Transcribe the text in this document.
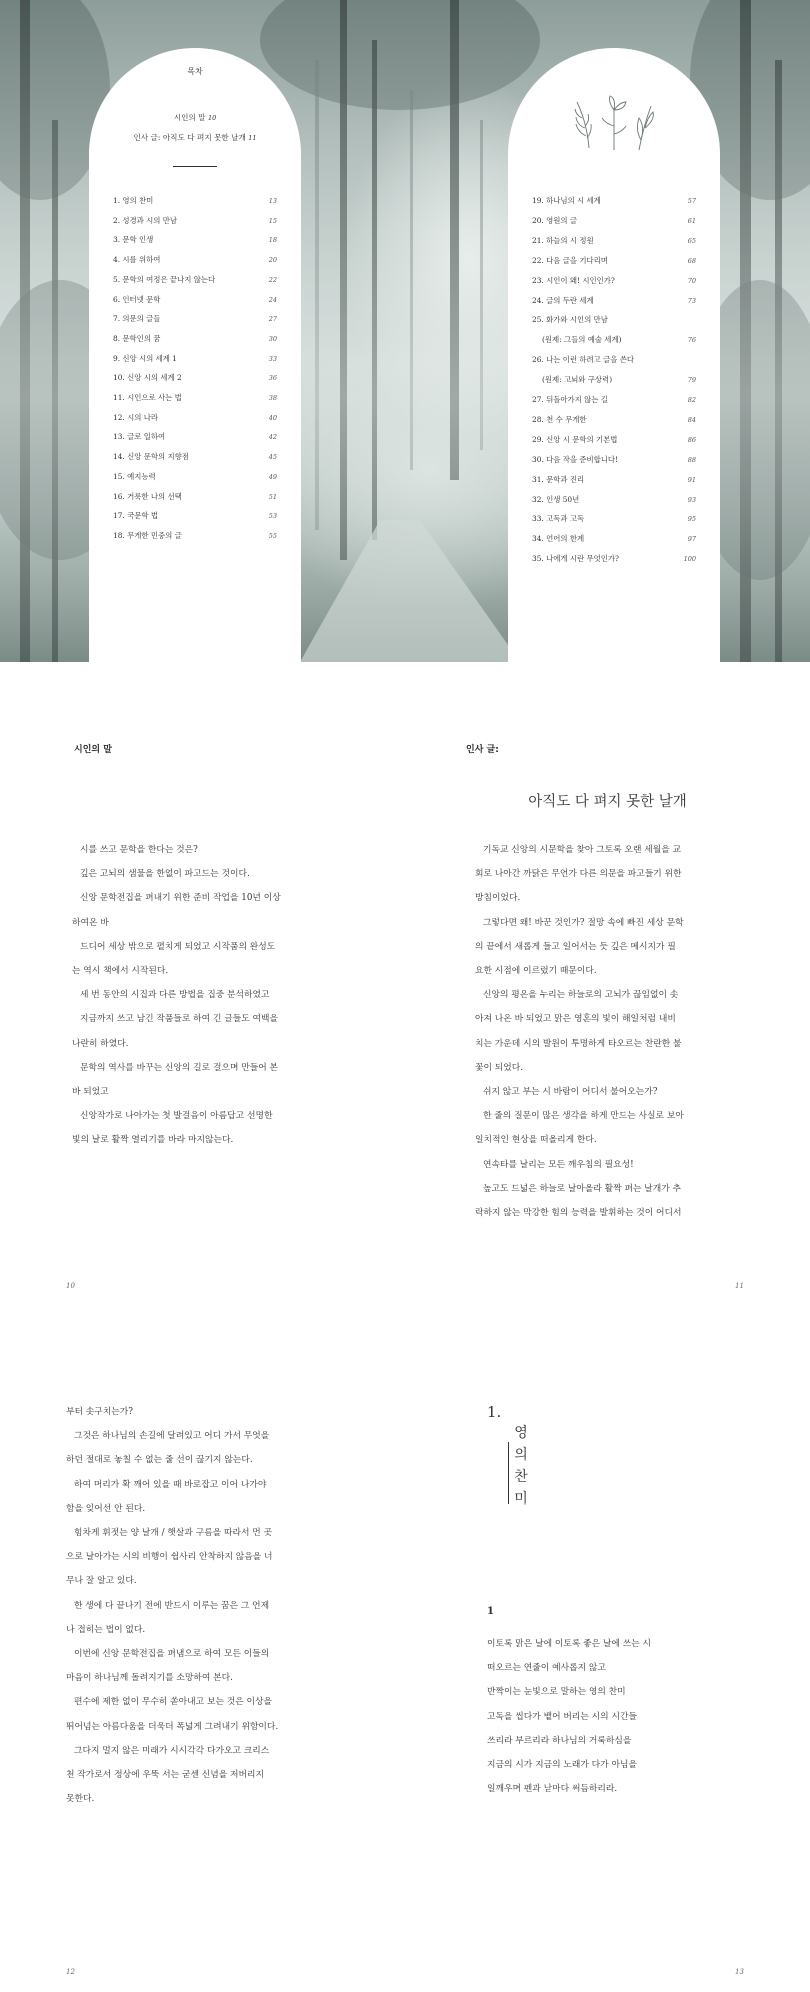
목차
시인의 말 10
인사 글: 아직도 다 펴지 못한 날개 11
1. 영의 찬미	13
2. 성경과 시의 만남	15
3. 문학 인생	18
4. 시를 위하여	20
5. 문학의 여정은 끝나지 않는다	22
6. 인터넷 문학	24
7. 의문의 글들	27
8. 문학인의 꿈	30
9. 신앙 시의 세계 1	33
10. 신앙 시의 세계 2	36
11. 시인으로 사는 법	38
12. 시의 나라	40
13. 글로 일하여	42
14. 신앙 문학의 지향점	45
15. 예지능력	49
16. 거룩한 나의 선택	51
17. 국문학 법	53
18. 무게한 민중의 글	55
19. 하나님의 시 세계	57
20. 영원의 글	61
21. 하늘의 시 정원	65
22. 다음 글을 기다리며	68
23. 시인이 왜! 시인인가?	70
24. 글의 두란 세계	73
25. 화가와 시인의 만남
(원제: 그들의 예술 세계)	76
26. 나는 이런 하려고 글을 쓴다
(원제: 고뇌와 구상력)	79
27. 뒤돌아가지 않는 길	82
28. 천 수 무게한	84
29. 신앙 시 문학의 기본법	86
30. 다음 작을 준비합니다!	88
31. 문학과 진리	91
32. 인생 50년	93
33. 고독과 고독	95
34. 언어의 한계	97
35. 나에게 시란 무엇인가?	100
시인의 말

시를 쓰고 문학을 한다는 것은?

깊은 고뇌의 샘물을 한없이 파고드는 것이다.

신앙 문학전집을 펴내기 위한 준비 작업을 10년 이상

하여온 바

드디어 세상 밖으로 펼치게 되었고 시작품의 완성도

는 역시 책에서 시작된다.

세 번 동안의 시집과 다른 방법을 집중 분석하였고

지금까지 쓰고 남긴 작품들로 하여 긴 글들도 여백을

나란히 하였다.

문학의 역사를 바꾸는 신앙의 길로 걸으며 만들어 본

바 되었고

신앙작가로 나아가는 첫 발걸음이 아름답고 선명한

빛의 날로 활짝 열리기를 바라 마지않는다.

10
인사 글:
아직도 다 펴지 못한 날개

기독교 신앙의 시문학을 찾아 그토록 오랜 세월을 교

회로 나아간 까닭은 무언가 다른 의문을 파고들기 위한

방침이었다.

그렇다면 왜! 바꾼 것인가? 절망 속에 빠진 세상 문학

의 끝에서 새롭게 들고 일어서는 듯 깊은 메시지가 필

요한 시점에 이르렀기 때문이다.

신앙의 평온을 누리는 하늘로의 고뇌가 끊임없이 솟

아져 나온 바 되었고 맑은 영혼의 빛이 해일처럼 내비

치는 가운데 시의 발원이 투명하게 타오르는 찬란한 불

꽃이 되었다.

쉬지 않고 부는 시 바람이 어디서 불어오는가?

한 줄의 질문이 많은 생각을 하게 만드는 사실로 보아

일치적인 현상을 떠올리게 한다.

연속타를 날리는 모든 깨우침의 필요성!

높고도 드넓은 하늘로 날아올라 활짝 펴는 날개가 추

락하지 않는 막강한 힘의 능력을 발휘하는 것이 어디서

11

부터 솟구치는가?

그것은 하나님의 손길에 달려있고 어디 가서 무엇을

하던 절대로 놓칠 수 없는 줄 선이 끊기지 않는다.

하여 머리가 확 깨어 있을 때 바로잡고 이어 나가야

함을 잊어선 안 된다.

힘차게 휘젓는 양 날개 / 햇살과 구름을 따라서 먼 곳

으로 날아가는 시의 비행이 쉽사리 안착하지 않음을 너

무나 잘 알고 있다.

한 생에 다 끝나기 전에 반드시 이루는 꿈은 그 언제

나 접히는 법이 없다.

이번에 신앙 문학전집을 펴냄으로 하여 모든 이들의

마음이 하나님께 돌려지기를 소망하여 본다.

편수에 제한 없이 무수히 쏟아내고 보는 것은 이상을

뛰어넘는 아름다움을 더욱더 폭넓게 그려내기 위함이다.

그다지 멀지 않은 미래가 시시각각 다가오고 크리스

천 작가로서 정상에 우뚝 서는 굳센 신념을 저버리지

못한다.

12
1.
영
의
찬
미
1

이토록 맑은 날에 이토록 좋은 날에 쓰는 시

떠오르는 연줄이 예사롭지 않고

반짝이는 눈빛으로 말하는 영의 찬미

고독을 씹다가 뱉어 버리는 시의 시간들

쓰리라 부르리라 하나님의 거룩하심을

지금의 시가 지금의 노래가 다가 아님을

일깨우며 펜과 낟마다 써듬하리라.

13
